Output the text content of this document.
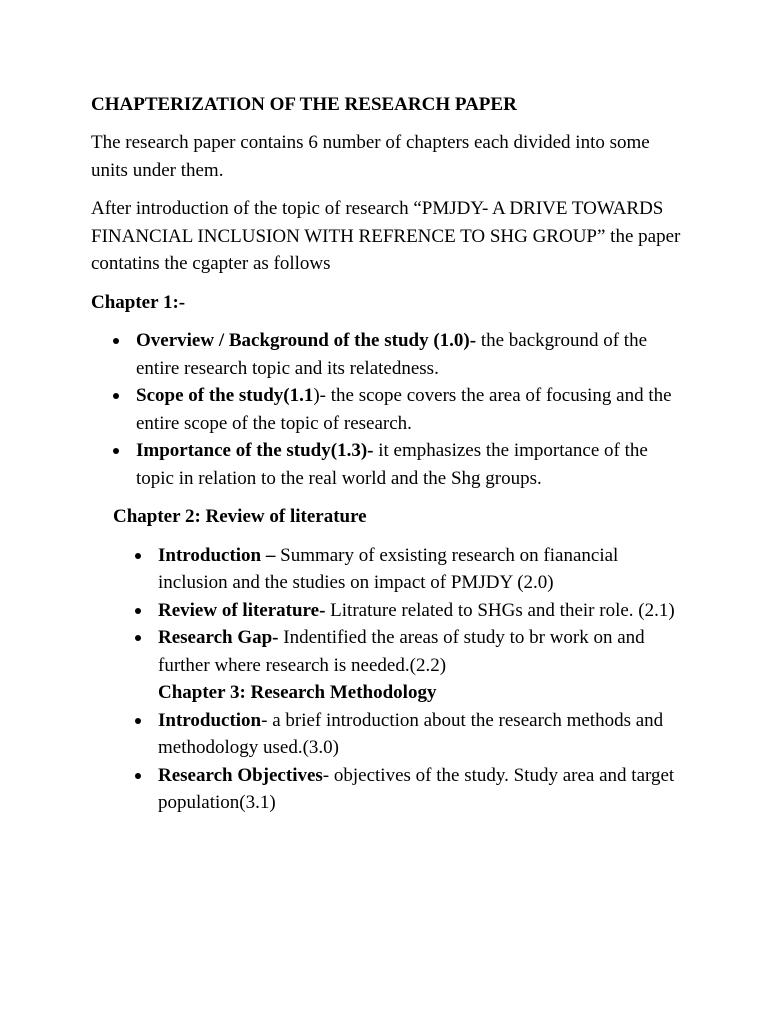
CHAPTERIZATION OF THE RESEARCH PAPER
The research paper contains 6 number of chapters each divided into some units under them.
After introduction of the topic of research “PMJDY- A DRIVE TOWARDS FINANCIAL INCLUSION WITH REFRENCE TO SHG GROUP” the paper contatins the cgapter as follows
Chapter 1:-
Overview / Background of the study (1.0)- the background of the entire research topic and its relatedness.
Scope of the study(1.1)- the scope covers the area of focusing and the entire scope of the topic of research.
Importance of the study(1.3)- it emphasizes the importance of the topic in relation to the real world and the Shg groups.
Chapter 2: Review of literature
Introduction – Summary of exsisting research on fianancial inclusion and the studies on impact of PMJDY (2.0)
Review of literature- Litrature related to SHGs and their role. (2.1)
Research Gap- Indentified the areas of study to br work on and further where research is needed.(2.2)
Chapter 3: Research Methodology
Introduction- a brief introduction about the research methods and methodology used.(3.0)
Research Objectives- objectives of the study. Study area and target population(3.1)
